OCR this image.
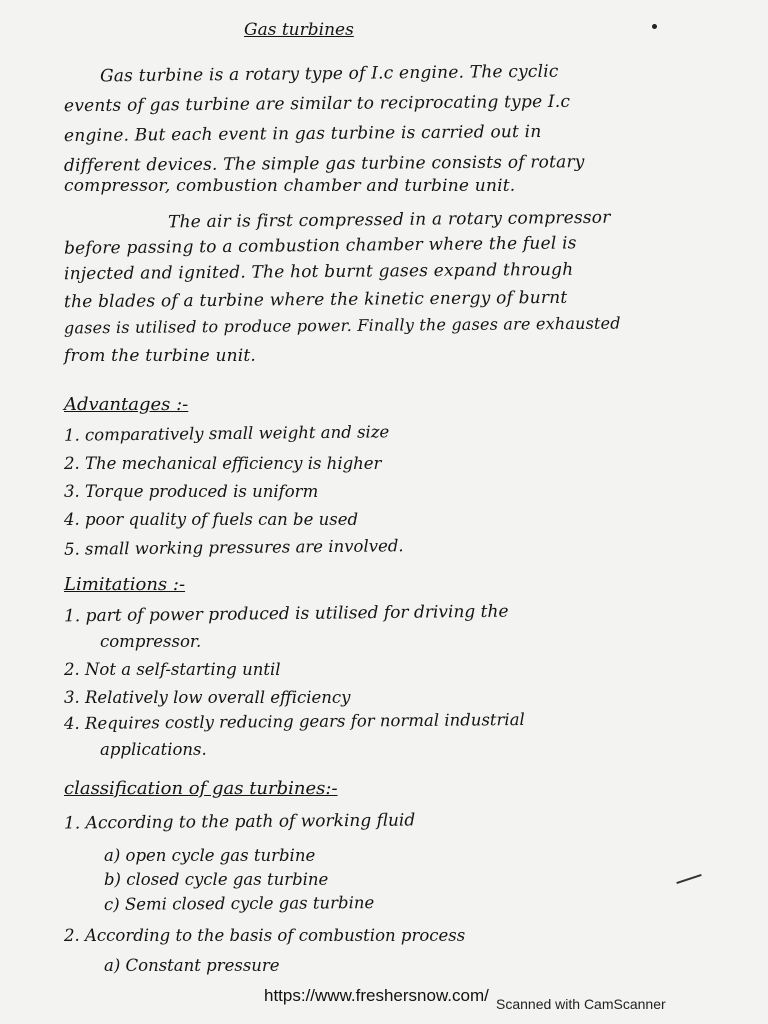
Gas turbines
Gas turbine is a rotary type of I.c engine. The cyclic
events of gas turbine are similar to reciprocating type I.c
engine. But each event in gas turbine is carried out in
different devices. The simple gas turbine consists of rotary
compressor, combustion chamber and turbine unit.
The air is first compressed in a rotary compressor
before passing to a combustion chamber where the fuel is
injected and ignited. The hot burnt gases expand through
the blades of a turbine where the kinetic energy of burnt
gases is utilised to produce power. Finally the gases are exhausted
from the turbine unit.
Advantages :-
1. comparatively small weight and size
2. The mechanical efficiency is higher
3. Torque produced is uniform
4. poor quality of fuels can be used
5. small working pressures are involved.
Limitations :-
1. part of power produced is utilised for driving the
compressor.
2. Not a self-starting until
3. Relatively low overall efficiency
4. Requires costly reducing gears for normal industrial
applications.
classification of gas turbines:-
1. According to the path of working fluid
a) open cycle gas turbine
b) closed cycle gas turbine
c) Semi closed cycle gas turbine
2. According to the basis of combustion process
a) Constant pressure
https://www.freshersnow.com/ Scanned with CamScanner
